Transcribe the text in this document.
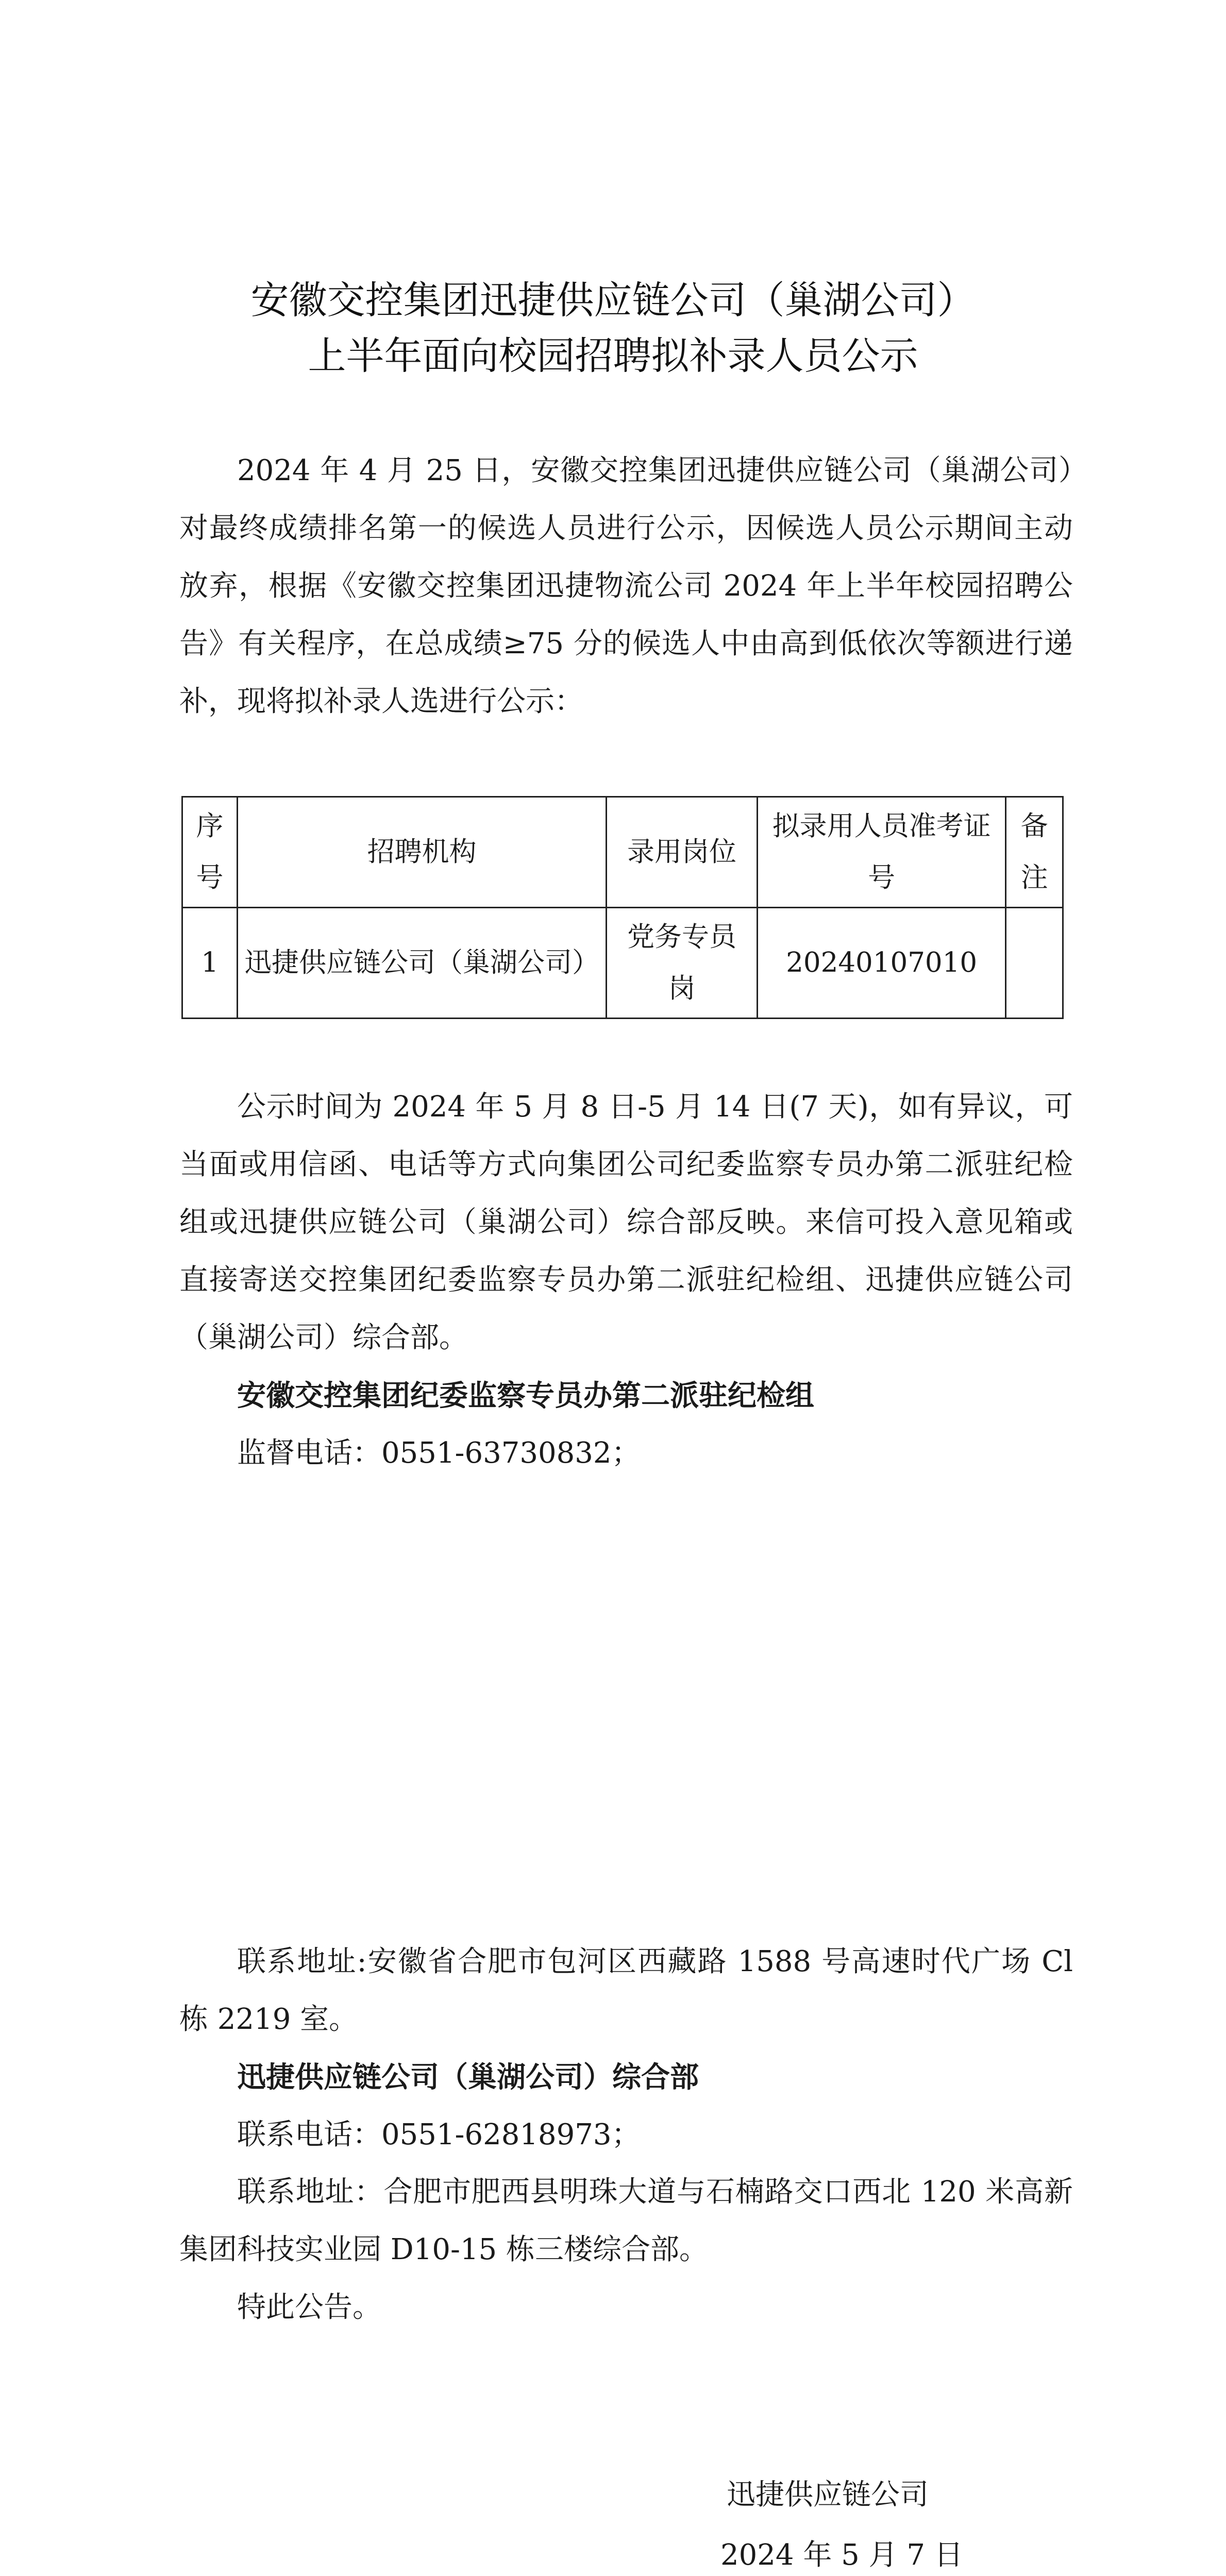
安徽交控集团迅捷供应链公司（巢湖公司）
上半年面向校园招聘拟补录人员公示
2024 年 4 月 25 日，安徽交控集团迅捷供应链公司（巢湖公司）对最终成绩排名第一的候选人员进行公示，因候选人员公示期间主动放弃，根据《安徽交控集团迅捷物流公司 2024 年上半年校园招聘公告》有关程序，在总成绩≥75 分的候选人中由高到低依次等额进行递补，现将拟补录人选进行公示：
序号	招聘机构	录用岗位	拟录用人员准考证号	备注
1	迅捷供应链公司（巢湖公司）	党务专员岗	20240107010	
公示时间为 2024 年 5 月 8 日-5 月 14 日(7 天)，如有异议，可当面或用信函、电话等方式向集团公司纪委监察专员办第二派驻纪检组或迅捷供应链公司（巢湖公司）综合部反映。来信可投入意见箱或直接寄送交控集团纪委监察专员办第二派驻纪检组、迅捷供应链公司（巢湖公司）综合部。
安徽交控集团纪委监察专员办第二派驻纪检组
监督电话：0551-63730832；
联系地址:安徽省合肥市包河区西藏路 1588 号高速时代广场 Cl 栋 2219 室。
迅捷供应链公司（巢湖公司）综合部
联系电话：0551-62818973；
联系地址：合肥市肥西县明珠大道与石楠路交口西北 120 米高新集团科技实业园 D10-15 栋三楼综合部。
特此公告。
迅捷供应链公司
2024 年 5 月 7 日
